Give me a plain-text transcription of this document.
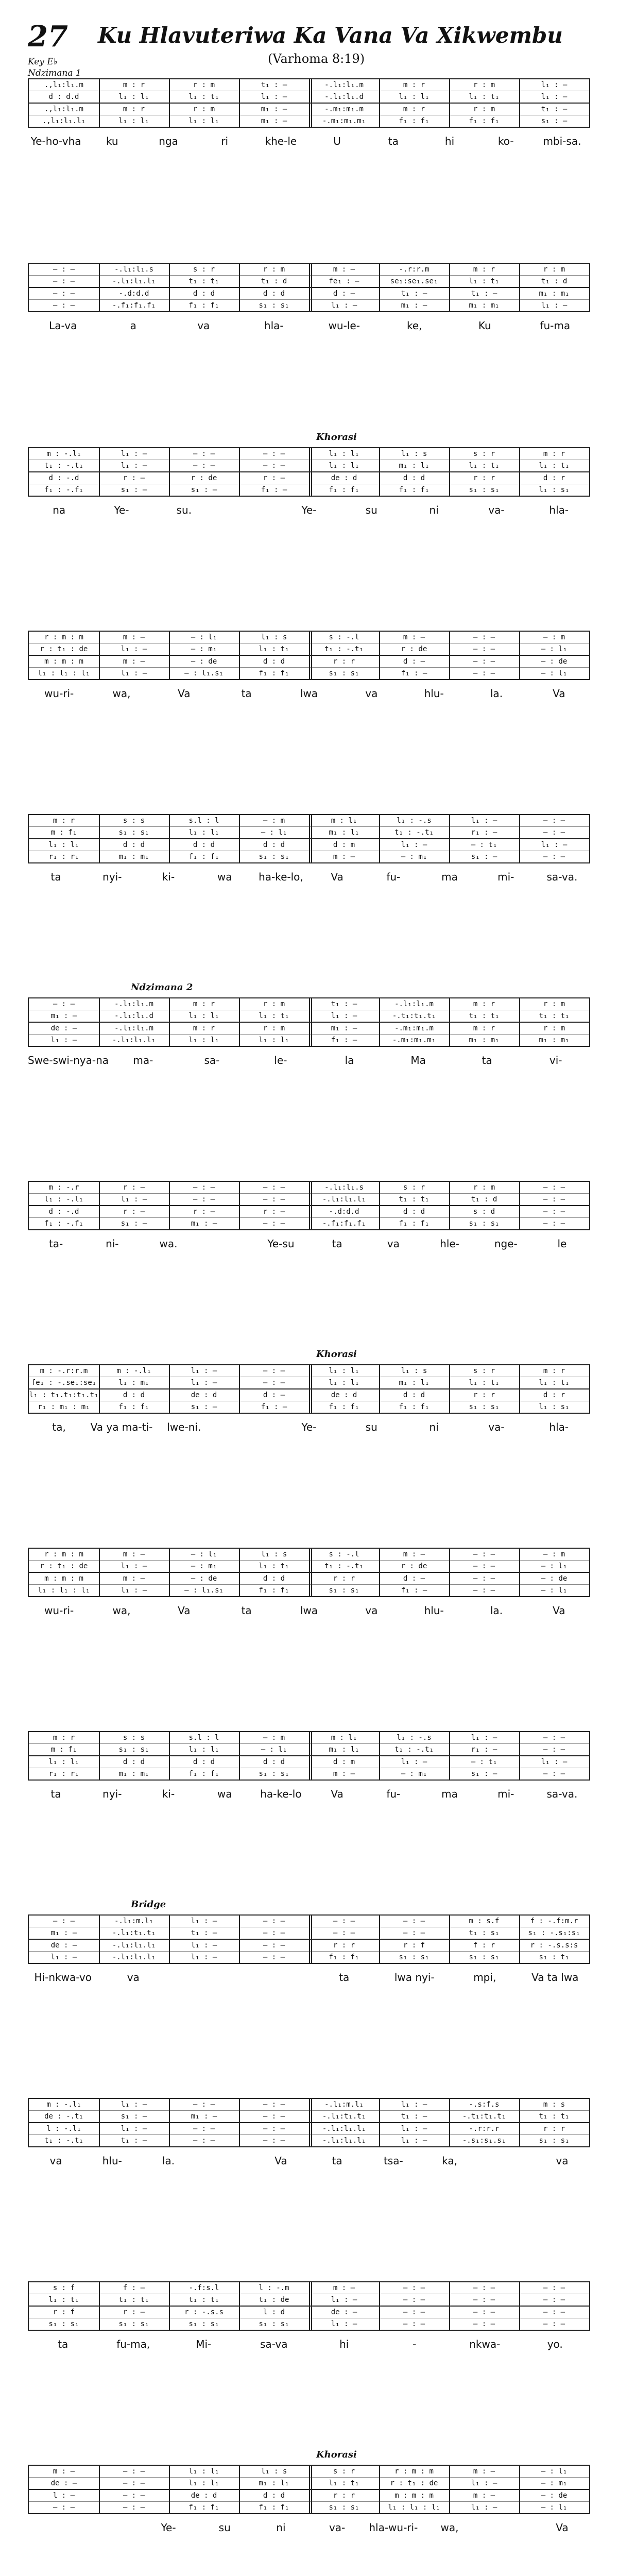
27 Ku Hlavuteriwa Ka Vana Va Xikwembu
(Varhoma 8:19)
Key E♭
Ndzimana 1
.,l₁:l₁.m	m : r	r : m	t₁ : —	-.l₁:l₁.m	m : r	r : m	l₁ : —
d : d.d	l₁ : l₁	l₁ : t₁	l₁ : —	-.l₁:l₁.d	l₁ : l₁	l₁ : t₁	l₁ : —
.,l₁:l₁.m	m : r	r : m	m₁ : —	-.m₁:m₁.m	m : r	r : m	t₁ : —
.,l₁:l₁.l₁	l₁ : l₁	l₁ : l₁	m₁ : —	-.m₁:m₁.m₁	f₁ : f₁	f₁ : f₁	s₁ : —
Ye-ho-vha	ku	nga	ri	khe-le	U	ta	hi	ko-	mbi-sa.
— : —	-.l₁:l₁.s	s : r	r : m	m : —	-.r:r.m	m : r	r : m
— : —	-.l₁:l₁.l₁	t₁ : t₁	t₁ : d	fe₁ : —	se₁:se₁.se₁	l₁ : t₁	t₁ : d
— : —	-.d:d.d	d : d	d : d	d : —	t₁ : —	t₁ : —	m₁ : m₁
— : —	-.f₁:f₁.f₁	f₁ : f₁	s₁ : s₁	l₁ : —	m₁ : —	m₁ : m₁	l₁ : —
La-va	a	va	hla-	wu-le-	ke,	Ku	fu-ma
Khorasi
m : -.l₁	l₁ : —	— : —	— : —	l₁ : l₁	l₁ : s	s : r	m : r
t₁ : -.t₁	l₁ : —	— : —	— : —	l₁ : l₁	m₁ : l₁	l₁ : t₁	l₁ : t₁
d : -.d	r : —	r : de	r : —	de : d	d : d	r : r	d : r
f₁ : -.f₁	s₁ : —	s₁ : —	f₁ : —	f₁ : f₁	f₁ : f₁	s₁ : s₁	l₁ : s₁
na	Ye-	su.	Ye-	su	ni	va-	hla-
r : m : m	m : —	— : l₁	l₁ : s	s : -.l	m : —	— : —	— : m
r : t₁ : de	l₁ : —	— : m₁	l₁ : t₁	t₁ : -.t₁	r : de	— : —	— : l₁
m : m : m	m : —	— : de	d : d	r : r	d : —	— : —	— : de
l₁ : l₁ : l₁	l₁ : —	— : l₁.s₁	f₁ : f₁	s₁ : s₁	f₁ : —	— : —	— : l₁
wu-ri-	wa,	Va	ta	lwa	va	hlu-	la.	Va
m : r	s : s	s.l : l	— : m	m : l₁	l₁ : -.s	l₁ : —	— : —
m : f₁	s₁ : s₁	l₁ : l₁	— : l₁	m₁ : l₁	t₁ : -.t₁	r₁ : —	— : —
l₁ : l₁	d : d	d : d	d : d	d : m	l₁ : —	— : t₁	l₁ : —
r₁ : r₁	m₁ : m₁	f₁ : f₁	s₁ : s₁	m : —	— : m₁	s₁ : —	— : —
ta	nyi-	ki-	wa	ha-ke-lo,	Va	fu-	ma	mi-	sa-va.
Ndzimana 2
— : —	-.l₁:l₁.m	m : r	r : m	t₁ : —	-.l₁:l₁.m	m : r	r : m
m₁ : —	-.l₁:l₁.d	l₁ : l₁	l₁ : t₁	l₁ : —	-.t₁:t₁.t₁	t₁ : t₁	t₁ : t₁
de : —	-.l₁:l₁.m	m : r	r : m	m₁ : —	-.m₁:m₁.m	m : r	r : m
l₁ : —	-.l₁:l₁.l₁	l₁ : l₁	l₁ : l₁	f₁ : —	-.m₁:m₁.m₁	m₁ : m₁	m₁ : m₁
Swe-swi-nya-na	ma-	sa-	le-	la	Ma	ta	vi-
m : -.r	r : —	— : —	— : —	-.l₁:l₁.s	s : r	r : m	— : —
l₁ : -.l₁	l₁ : —	— : —	— : —	-.l₁:l₁.l₁	t₁ : t₁	t₁ : d	— : —
d : -.d	r : —	r : —	r : —	-.d:d.d	d : d	s : d	— : —
f₁ : -.f₁	s₁ : —	m₁ : —	— : —	-.f₁:f₁.f₁	f₁ : f₁	s₁ : s₁	— : —
ta-	ni-	wa.	Ye-su	ta	va	hle-	nge-	le
Khorasi
m : -.r:r.m	m : -.l₁	l₁ : —	— : —	l₁ : l₁	l₁ : s	s : r	m : r
fe₁ : -.se₁:se₁	l₁ : m₁	l₁ : —	— : —	l₁ : l₁	m₁ : l₁	l₁ : t₁	l₁ : t₁
l₁ : t₁.t₁:t₁.t₁	d : d	de : d	d : —	de : d	d : d	r : r	d : r
r₁ : m₁ : m₁	f₁ : f₁	s₁ : —	f₁ : —	f₁ : f₁	f₁ : f₁	s₁ : s₁	l₁ : s₁
ta,	Va ya ma-ti-	lwe-ni.	Ye-	su	ni	va-	hla-
r : m : m	m : —	— : l₁	l₁ : s	s : -.l	m : —	— : —	— : m
r : t₁ : de	l₁ : —	— : m₁	l₁ : t₁	t₁ : -.t₁	r : de	— : —	— : l₁
m : m : m	m : —	— : de	d : d	r : r	d : —	— : —	— : de
l₁ : l₁ : l₁	l₁ : —	— : l₁.s₁	f₁ : f₁	s₁ : s₁	f₁ : —	— : —	— : l₁
wu-ri-	wa,	Va	ta	lwa	va	hlu-	la.	Va
m : r	s : s	s.l : l	— : m	m : l₁	l₁ : -.s	l₁ : —	— : —
m : f₁	s₁ : s₁	l₁ : l₁	— : l₁	m₁ : l₁	t₁ : -.t₁	r₁ : —	— : —
l₁ : l₁	d : d	d : d	d : d	d : m	l₁ : —	— : t₁	l₁ : —
r₁ : r₁	m₁ : m₁	f₁ : f₁	s₁ : s₁	m : —	— : m₁	s₁ : —	— : —
ta	nyi-	ki-	wa	ha-ke-lo	Va	fu-	ma	mi-	sa-va.
Bridge
— : —	-.l₁:m.l₁	l₁ : —	— : —	— : —	— : —	m : s.f	f : -.f:m.r
m₁ : —	-.l₁:t₁.t₁	t₁ : —	— : —	— : —	— : —	t₁ : s₁	s₁ : -.s₁:s₁
de : —	-.l₁:l₁.l₁	l₁ : —	— : —	r : r	r : f	f : r	r : -.s.s:s
l₁ : —	-.l₁:l₁.l₁	l₁ : —	— : —	f₁ : f₁	s₁ : s₁	s₁ : s₁	s₁ : t₁
Hi-nkwa-vo	va	ta	lwa nyi-	mpi,	Va ta lwa
m : -.l₁	l₁ : —	— : —	— : —	-.l₁:m.l₁	l₁ : —	-.s:f.s	m : s
de : -.t₁	s₁ : —	m₁ : —	— : —	-.l₁:t₁.t₁	t₁ : —	-.t₁:t₁.t₁	t₁ : t₁
l : -.l₁	l₁ : —	— : —	— : —	-.l₁:l₁.l₁	l₁ : —	-.r:r.r	r : r
t₁ : -.t₁	t₁ : —	— : —	— : —	-.l₁:l₁.l₁	l₁ : —	-.s₁:s₁.s₁	s₁ : s₁
va	hlu-	la.	Va	ta	tsa-	ka,	va
s : f	f : —	-.f:s.l	l : -.m	m : —	— : —	— : —	— : —
l₁ : t₁	t₁ : t₁	t₁ : t₁	t₁ : de	l₁ : —	— : —	— : —	— : —
r : f	r : —	r : -.s.s	l : d	de : —	— : —	— : —	— : —
s₁ : s₁	s₁ : s₁	s₁ : s₁	s₁ : s₁	l₁ : —	— : —	— : —	— : —
ta	fu-ma,	Mi-	sa-va	hi	-	nkwa-	yo.
Khorasi
m : —	— : —	l₁ : l₁	l₁ : s	s : r	r : m : m	m : —	— : l₁
de : —	— : —	l₁ : l₁	m₁ : l₁	l₁ : t₁	r : t₁ : de	l₁ : —	— : m₁
l : —	— : —	de : d	d : d	r : r	m : m : m	m : —	— : de
— : —	— : —	f₁ : f₁	f₁ : f₁	s₁ : s₁	l₁ : l₁ : l₁	l₁ : —	— : l₁
Ye-	su	ni	va-	hla-wu-ri-	wa,	Va
